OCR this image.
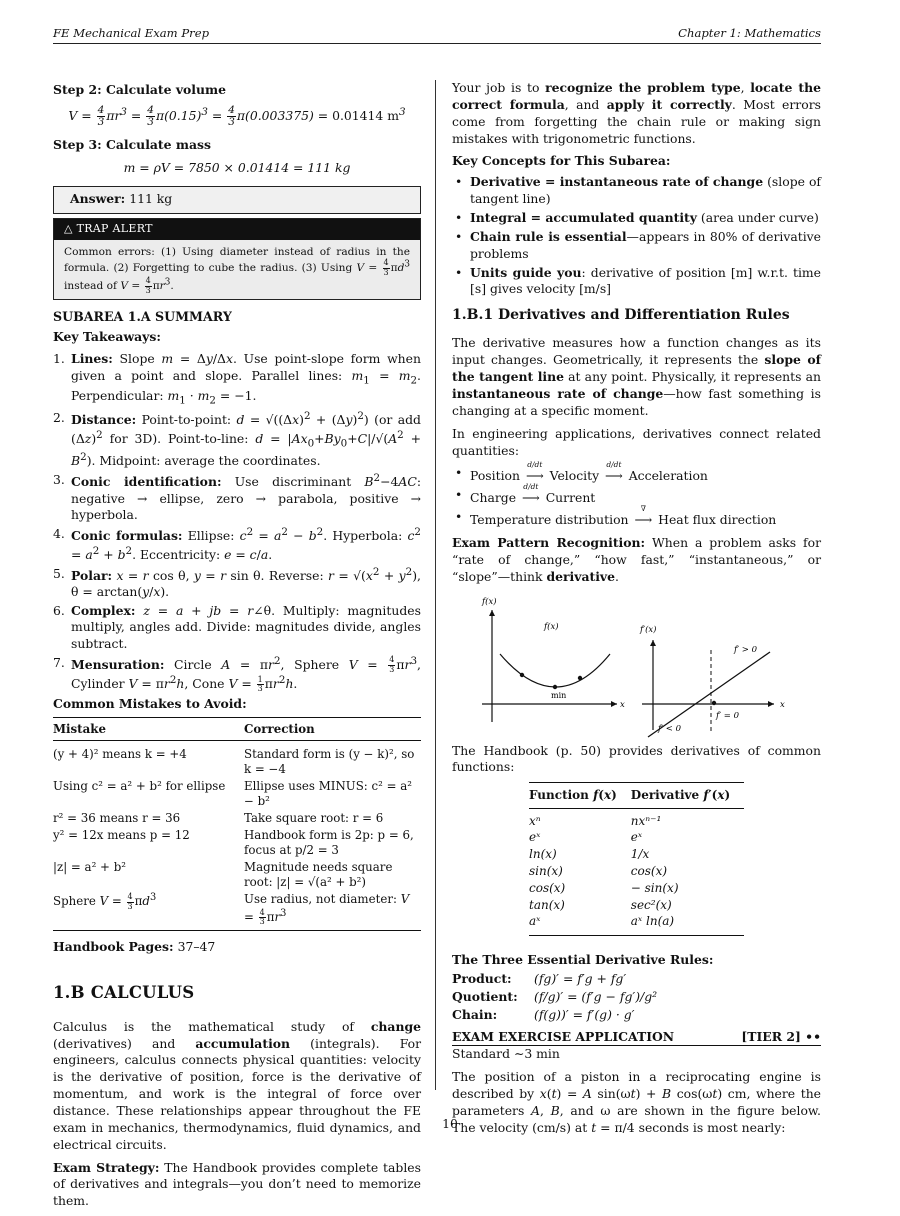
FE Mechanical Exam Prep	Chapter 1: Mathematics
Step 2: Calculate volume
$V = \frac{4}{3} \pi r^3 = \frac{4}{3} \pi(0.15)^3 = \frac{4}{3} \pi(0.003375) = 0.01414$ $m^3$
Step 3: Calculate mass
m = ρV = 7850 × 0.01414 = 111 kg
Answer: 111 kg
△ TRAP ALERT
Common errors: (1) Using diameter instead of radius in the formula. (2) Forgetting to cube the radius. (3) Using $V = \frac{4}{3} \pi d^3$ instead of $V = \frac{4}{3} \pi r^3$.
SUBAREA 1.A SUMMARY
Key Takeaways:
1. Lines: Slope m = Δy/Δx. Use point-slope form when given a point and slope. Parallel lines: $m_1 = m_2$. Perpendicular: $m_1 \cdot m_2 = -1$.
2. Distance: Point-to-point: $d = √((\Delta x)^2 + (\Delta y)^2)$ (or add $(\Delta z)^2$ for 3D). Point-to-line: $d = |Ax_0+By_0+C|/√(A^2 + B^2)$. Midpoint: average the coordinates.
3. Conic identification: Use discriminant $B^2-4AC$: negative → ellipse, zero → parabola, positive → hyperbola.
4. Conic formulas: Ellipse: $c^2 = a^2 - b^2$. Hyperbola: $c^2 = a^2 + b^2$. Eccentricity: e = c/a.
5. Polar: x = r cos θ, y = r sin θ. Reverse: $r = √(x^2 + y^2)$, θ = arctan(y/x).
6. Complex: z = a + jb = r∠θ. Multiply: magnitudes multiply, angles add. Divide: magnitudes divide, angles subtract.
7. Mensuration: Circle $A = \pi r^2$, Sphere $V = \frac{4}{3} \pi r^3$, Cylinder $V = \pi r^2h$, Cone $V = \frac{1}{3} \pi r^2h$.
Common Mistakes to Avoid:
Mistake	Correction
(y + 4)² means k = +4	Standard form is (y − k)², so k = −4
Using c² = a² + b² for ellipse	Ellipse uses MINUS: c² = a² − b²
r² = 36 means r = 36	Take square root: r = 6
y² = 12x means p = 12	Handbook form is 2p: p = 6, focus at p/2 = 3
|z| = a² + b²	Magnitude needs square root: |z| = √(a² + b²)
Sphere $V = \frac{4}{3} \pi d^3$	Use radius, not diameter: $V = \frac{4}{3} \pi r^3$
Handbook Pages: 37–47
1.B CALCULUS

Calculus is the mathematical study of change (derivatives) and accumulation (integrals). For engineers, calculus connects physical quantities: velocity is the derivative of position, force is the derivative of momentum, and work is the integral of force over distance. These relationships appear throughout the FE exam in mechanics, thermodynamics, fluid dynamics, and electrical circuits.

Exam Strategy: The Handbook provides complete tables of derivatives and integrals—you don’t need to memorize them.

Your job is to recognize the problem type, locate the correct formula, and apply it correctly. Most errors come from forgetting the chain rule or making sign mistakes with trigonometric functions.

Key Concepts for This Subarea:
• Derivative = instantaneous rate of change (slope of tangent line)
• Integral = accumulated quantity (area under curve)
• Chain rule is essential—appears in 80% of derivative problems
• Units guide you: derivative of position [m] w.r.t. time [s] gives velocity [m/s]
1.B.1 Derivatives and Differentiation Rules

The derivative measures how a function changes as its input changes. Geometrically, it represents the slope of the tangent line at any point. Physically, it represents an instantaneous rate of change—how fast something is changing at a specific moment.

In engineering applications, derivatives connect related quantities:

• Position
d/dt
⟶ Velocity
d/dt
⟶ Acceleration
• Charge
d/dt
⟶ Current
• Temperature distribution
∇
⟶ Heat flux direction

Exam Pattern Recognition: When a problem asks for “rate of change,” “how fast,” “instantaneous,” or “slope”—think derivative.

f(x)
f(x)
min
x
f′(x)
f′ > 0
f′ = 0
f′ < 0
x

The Handbook (p. 50) provides derivatives of common functions:

Function f(x)	Derivative f′(x)
xⁿ	nxⁿ⁻¹
eˣ	eˣ
ln(x)	1/x
sin(x)	cos(x)
cos(x)	− sin(x)
tan(x)	sec²(x)
aˣ	aˣ ln(a)
The Three Essential Derivative Rules:
Product:	(fg)′ = f′g + fg′
Quotient:	(f/g)′ = (f′g − fg′)/g²
Chain:	(f(g))′ = f′(g) · g′
EXAM EXERCISE APPLICATION	[TIER 2] ••
Standard ∼3 min

The position of a piston in a reciprocating engine is described by x(t) = A sin(ωt) + B cos(ωt) cm, where the parameters A, B, and ω are shown in the figure below. The velocity (cm/s) at t = π/4 seconds is most nearly:

10
